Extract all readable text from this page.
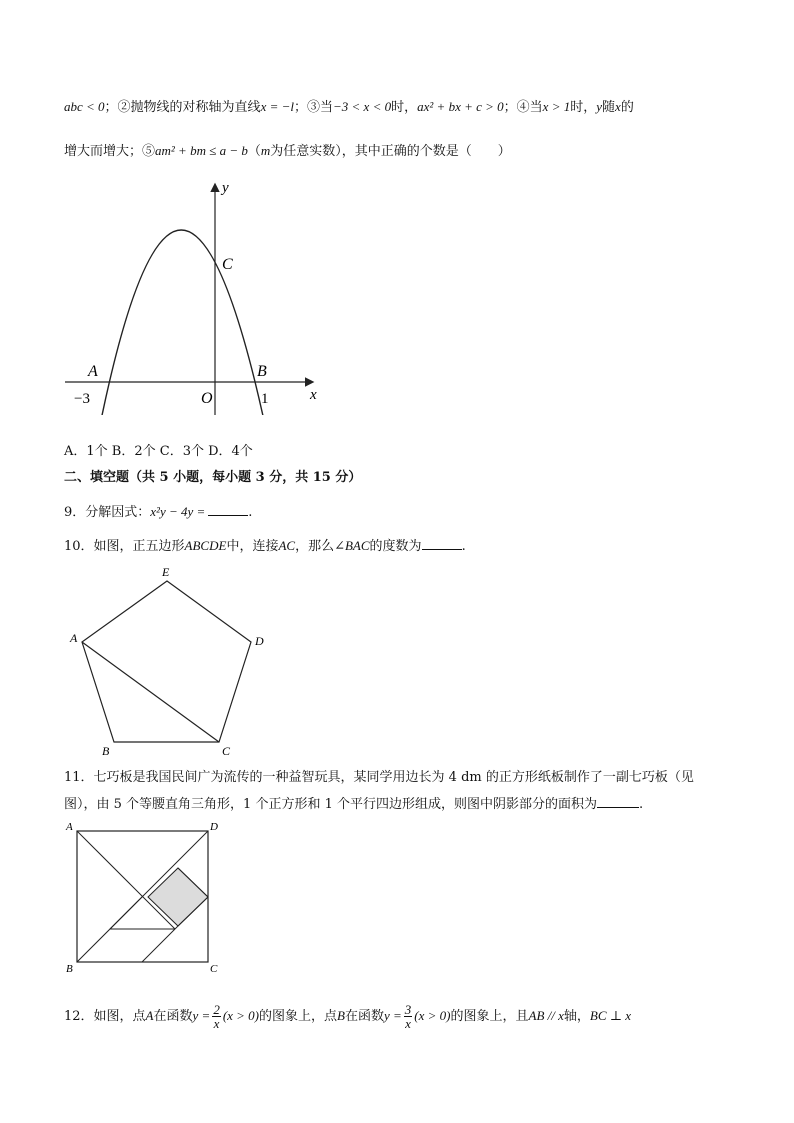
abc < 0；②抛物线的对称轴为直线x = −l；③当−3 < x < 0时，ax² + bx + c > 0；④当x > 1时，y随x的
增大而增大；⑤am² + bm ≤ a − b（m为任意实数），其中正确的个数是（　　）
y
x
C
A	B
O
−3	1
A．1个 B．2个 C．3个 D．4个
二、填空题（共 5 小题，每小题 3 分，共 15 分）
9．分解因式：x²y − 4y =	.
10．如图，正五边形ABCDE中，连接AC，那么∠BAC的度数为	.
E
A	D
B	C
11．七巧板是我国民间广为流传的一种益智玩具，某同学用边长为 4 dm 的正方形纸板制作了一副七巧板（见
图），由 5 个等腰直角三角形，1 个正方形和 1 个平行四边形组成，则图中阴影部分的面积为	.
A	D
B	C
12．如图，点A在函数$y = \frac{2}{x} (x > 0)$的图象上，点B在函数$y = \frac{3}{x} (x > 0)$的图象上，且AB // x轴，BC ⊥ x
